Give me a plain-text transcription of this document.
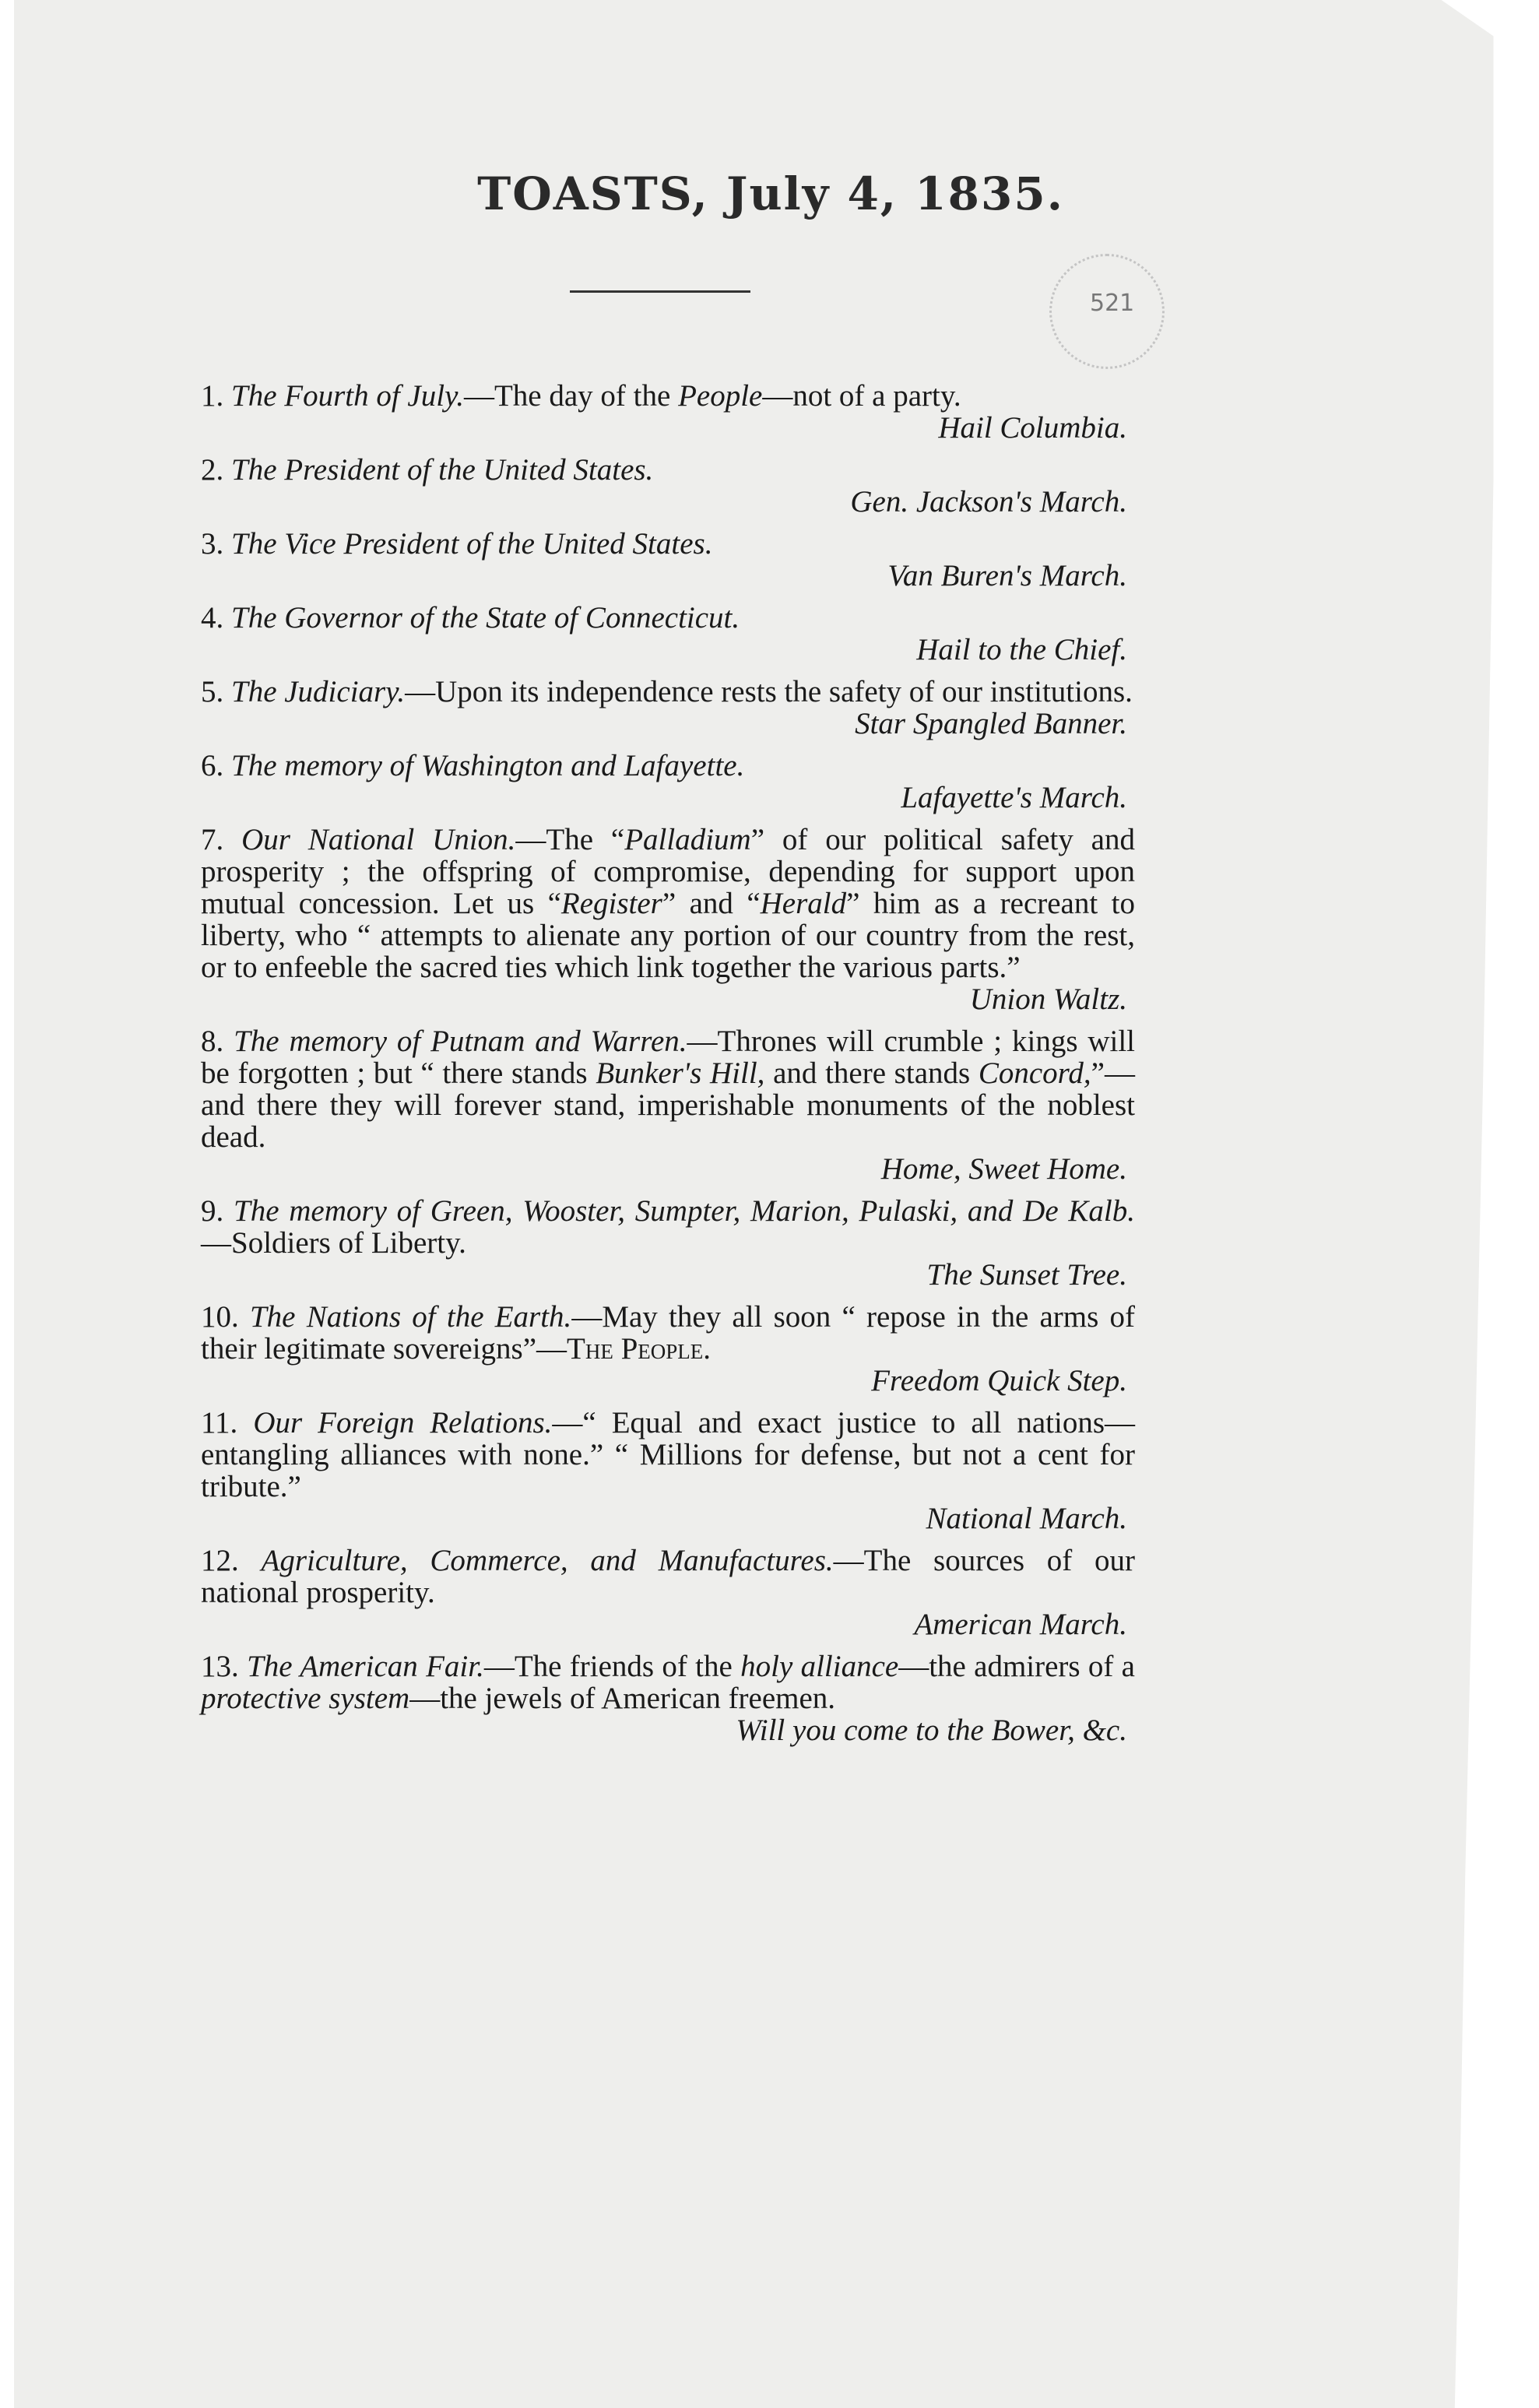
TOASTS, July 4, 1835.
521
1. The Fourth of July.—The day of the People—not of a party.
Hail Columbia.
2. The President of the United States.
Gen. Jackson's March.
3. The Vice President of the United States.
Van Buren's March.
4. The Governor of the State of Connecticut.
Hail to the Chief.
5. The Judiciary.—Upon its independence rests the safety of our institutions.
Star Spangled Banner.
6. The memory of Washington and Lafayette.
Lafayette's March.
7. Our National Union.—The “Palladium” of our political safety and prosperity ; the offspring of compromise, depending for support upon mutual concession. Let us “Register” and “Herald” him as a recreant to liberty, who “ attempts to alienate any portion of our country from the rest, or to enfeeble the sacred ties which link together the various parts.”
Union Waltz.
8. The memory of Putnam and Warren.—Thrones will crumble ; kings will be forgotten ; but “ there stands Bunker's Hill, and there stands Concord,”—and there they will forever stand, imperishable monuments of the noblest dead.
Home, Sweet Home.
9. The memory of Green, Wooster, Sumpter, Marion, Pulaski, and De Kalb.—Soldiers of Liberty.
The Sunset Tree.
10. The Nations of the Earth.—May they all soon “ repose in the arms of their legitimate sovereigns”—The People.
Freedom Quick Step.
11. Our Foreign Relations.—“ Equal and exact justice to all nations—entangling alliances with none.” “ Millions for defense, but not a cent for tribute.”
National March.
12. Agriculture, Commerce, and Manufactures.—The sources of our national prosperity.
American March.
13. The American Fair.—The friends of the holy alliance—the admirers of a protective system—the jewels of American freemen.
Will you come to the Bower, &c.
